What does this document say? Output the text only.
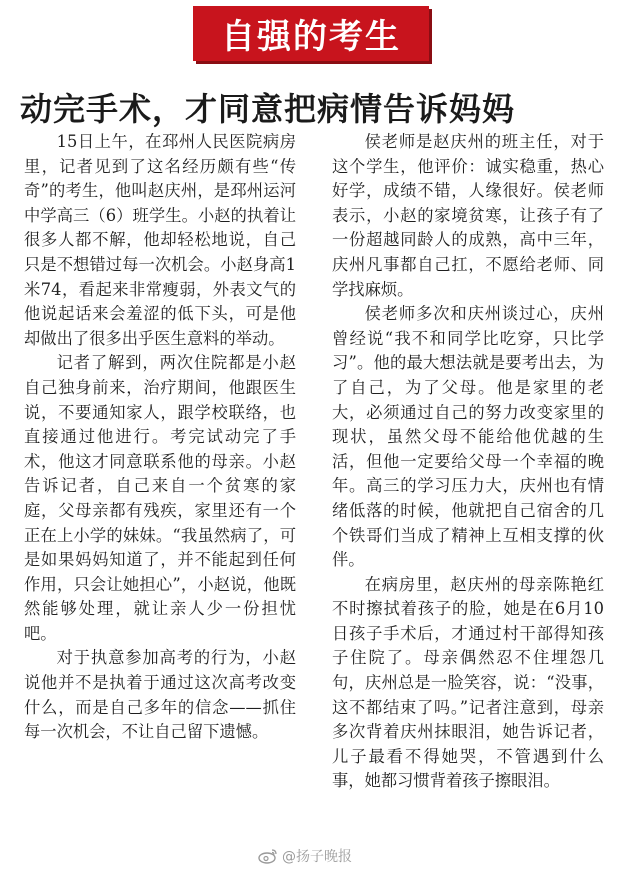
自强的考生
动完手术，才同意把病情告诉妈妈

15日上午，在邳州人民医院病房里，记者见到了这名经历颇有些“传奇”的考生，他叫赵庆州，是邳州运河中学高三（6）班学生。小赵的执着让很多人都不解，他却轻松地说，自己只是不想错过每一次机会。小赵身高1米74，看起来非常瘦弱，外表文气的他说起话来会羞涩的低下头，可是他却做出了很多出乎医生意料的举动。

记者了解到，两次住院都是小赵自己独身前来，治疗期间，他跟医生说，不要通知家人，跟学校联络，也直接通过他进行。考完试动完了手术，他这才同意联系他的母亲。小赵告诉记者，自己来自一个贫寒的家庭，父母亲都有残疾，家里还有一个正在上小学的妹妹。“我虽然病了，可是如果妈妈知道了，并不能起到任何作用，只会让她担心”，小赵说，他既然能够处理，就让亲人少一份担忧吧。

对于执意参加高考的行为，小赵说他并不是执着于通过这次高考改变什么，而是自己多年的信念——抓住每一次机会，不让自己留下遗憾。

侯老师是赵庆州的班主任，对于这个学生，他评价：诚实稳重，热心好学，成绩不错，人缘很好。侯老师表示，小赵的家境贫寒，让孩子有了一份超越同龄人的成熟，高中三年，庆州凡事都自己扛，不愿给老师、同学找麻烦。

侯老师多次和庆州谈过心，庆州曾经说“我不和同学比吃穿，只比学习”。他的最大想法就是要考出去，为了自己，为了父母。他是家里的老大，必须通过自己的努力改变家里的现状，虽然父母不能给他优越的生活，但他一定要给父母一个幸福的晚年。高三的学习压力大，庆州也有情绪低落的时候，他就把自己宿舍的几个铁哥们当成了精神上互相支撑的伙伴。

在病房里，赵庆州的母亲陈艳红不时擦拭着孩子的脸，她是在6月10日孩子手术后，才通过村干部得知孩子住院了。母亲偶然忍不住埋怨几句，庆州总是一脸笑容，说：“没事，这不都结束了吗。”记者注意到，母亲多次背着庆州抹眼泪，她告诉记者，儿子最看不得她哭，不管遇到什么事，她都习惯背着孩子擦眼泪。

@扬子晚报
